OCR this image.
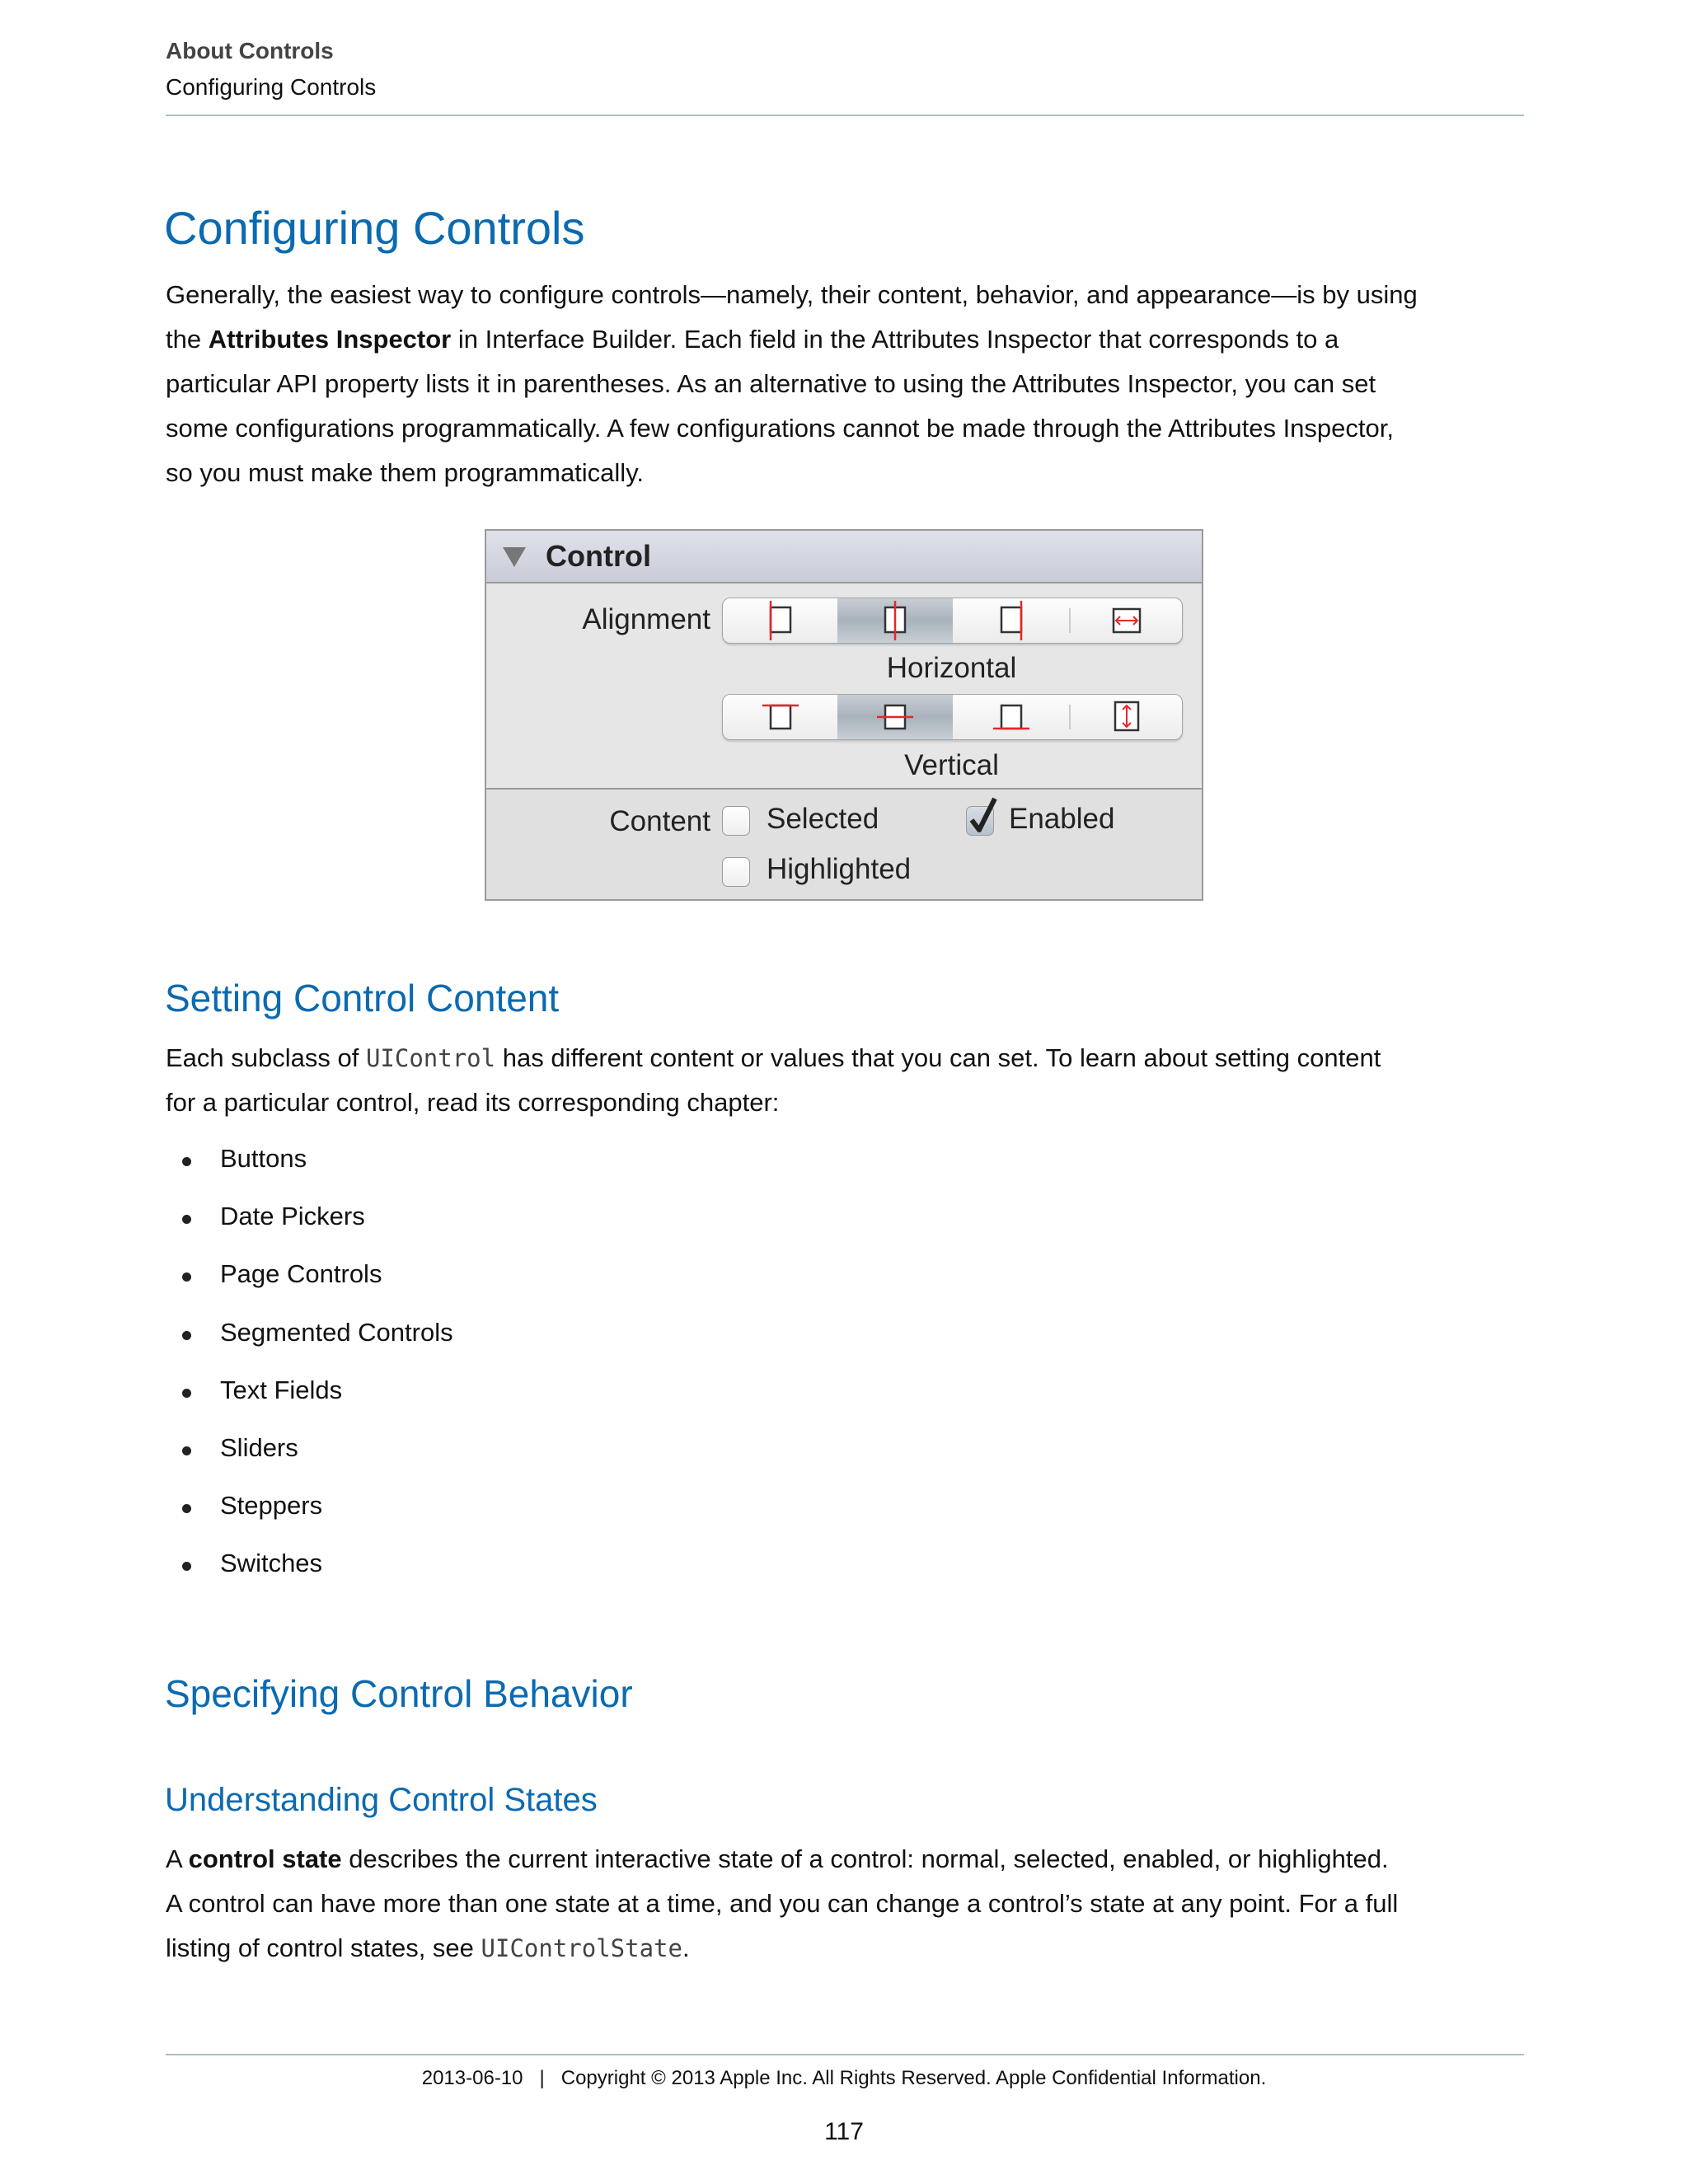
About Controls
Configuring Controls
Configuring Controls
Generally, the easiest way to configure controls—namely, their content, behavior, and appearance—is by using
the Attributes Inspector in Interface Builder. Each field in the Attributes Inspector that corresponds to a
particular API property lists it in parentheses. As an alternative to using the Attributes Inspector, you can set
some configurations programmatically. A few configurations cannot be made through the Attributes Inspector,
so you must make them programmatically.
Control
Alignment
Horizontal
Vertical
Content Selected	Enabled
Highlighted
Setting Control Content
Each subclass of UIControl has different content or values that you can set. To learn about setting content
for a particular control, read its corresponding chapter:
Buttons
Date Pickers
Page Controls
Segmented Controls
Text Fields
Sliders
Steppers
Switches
Specifying Control Behavior
Understanding Control States
A control state describes the current interactive state of a control: normal, selected, enabled, or highlighted.
A control can have more than one state at a time, and you can change a control’s state at any point. For a full
listing of control states, see UIControlState.
2013-06-10   |   Copyright © 2013 Apple Inc. All Rights Reserved. Apple Confidential Information.
117
